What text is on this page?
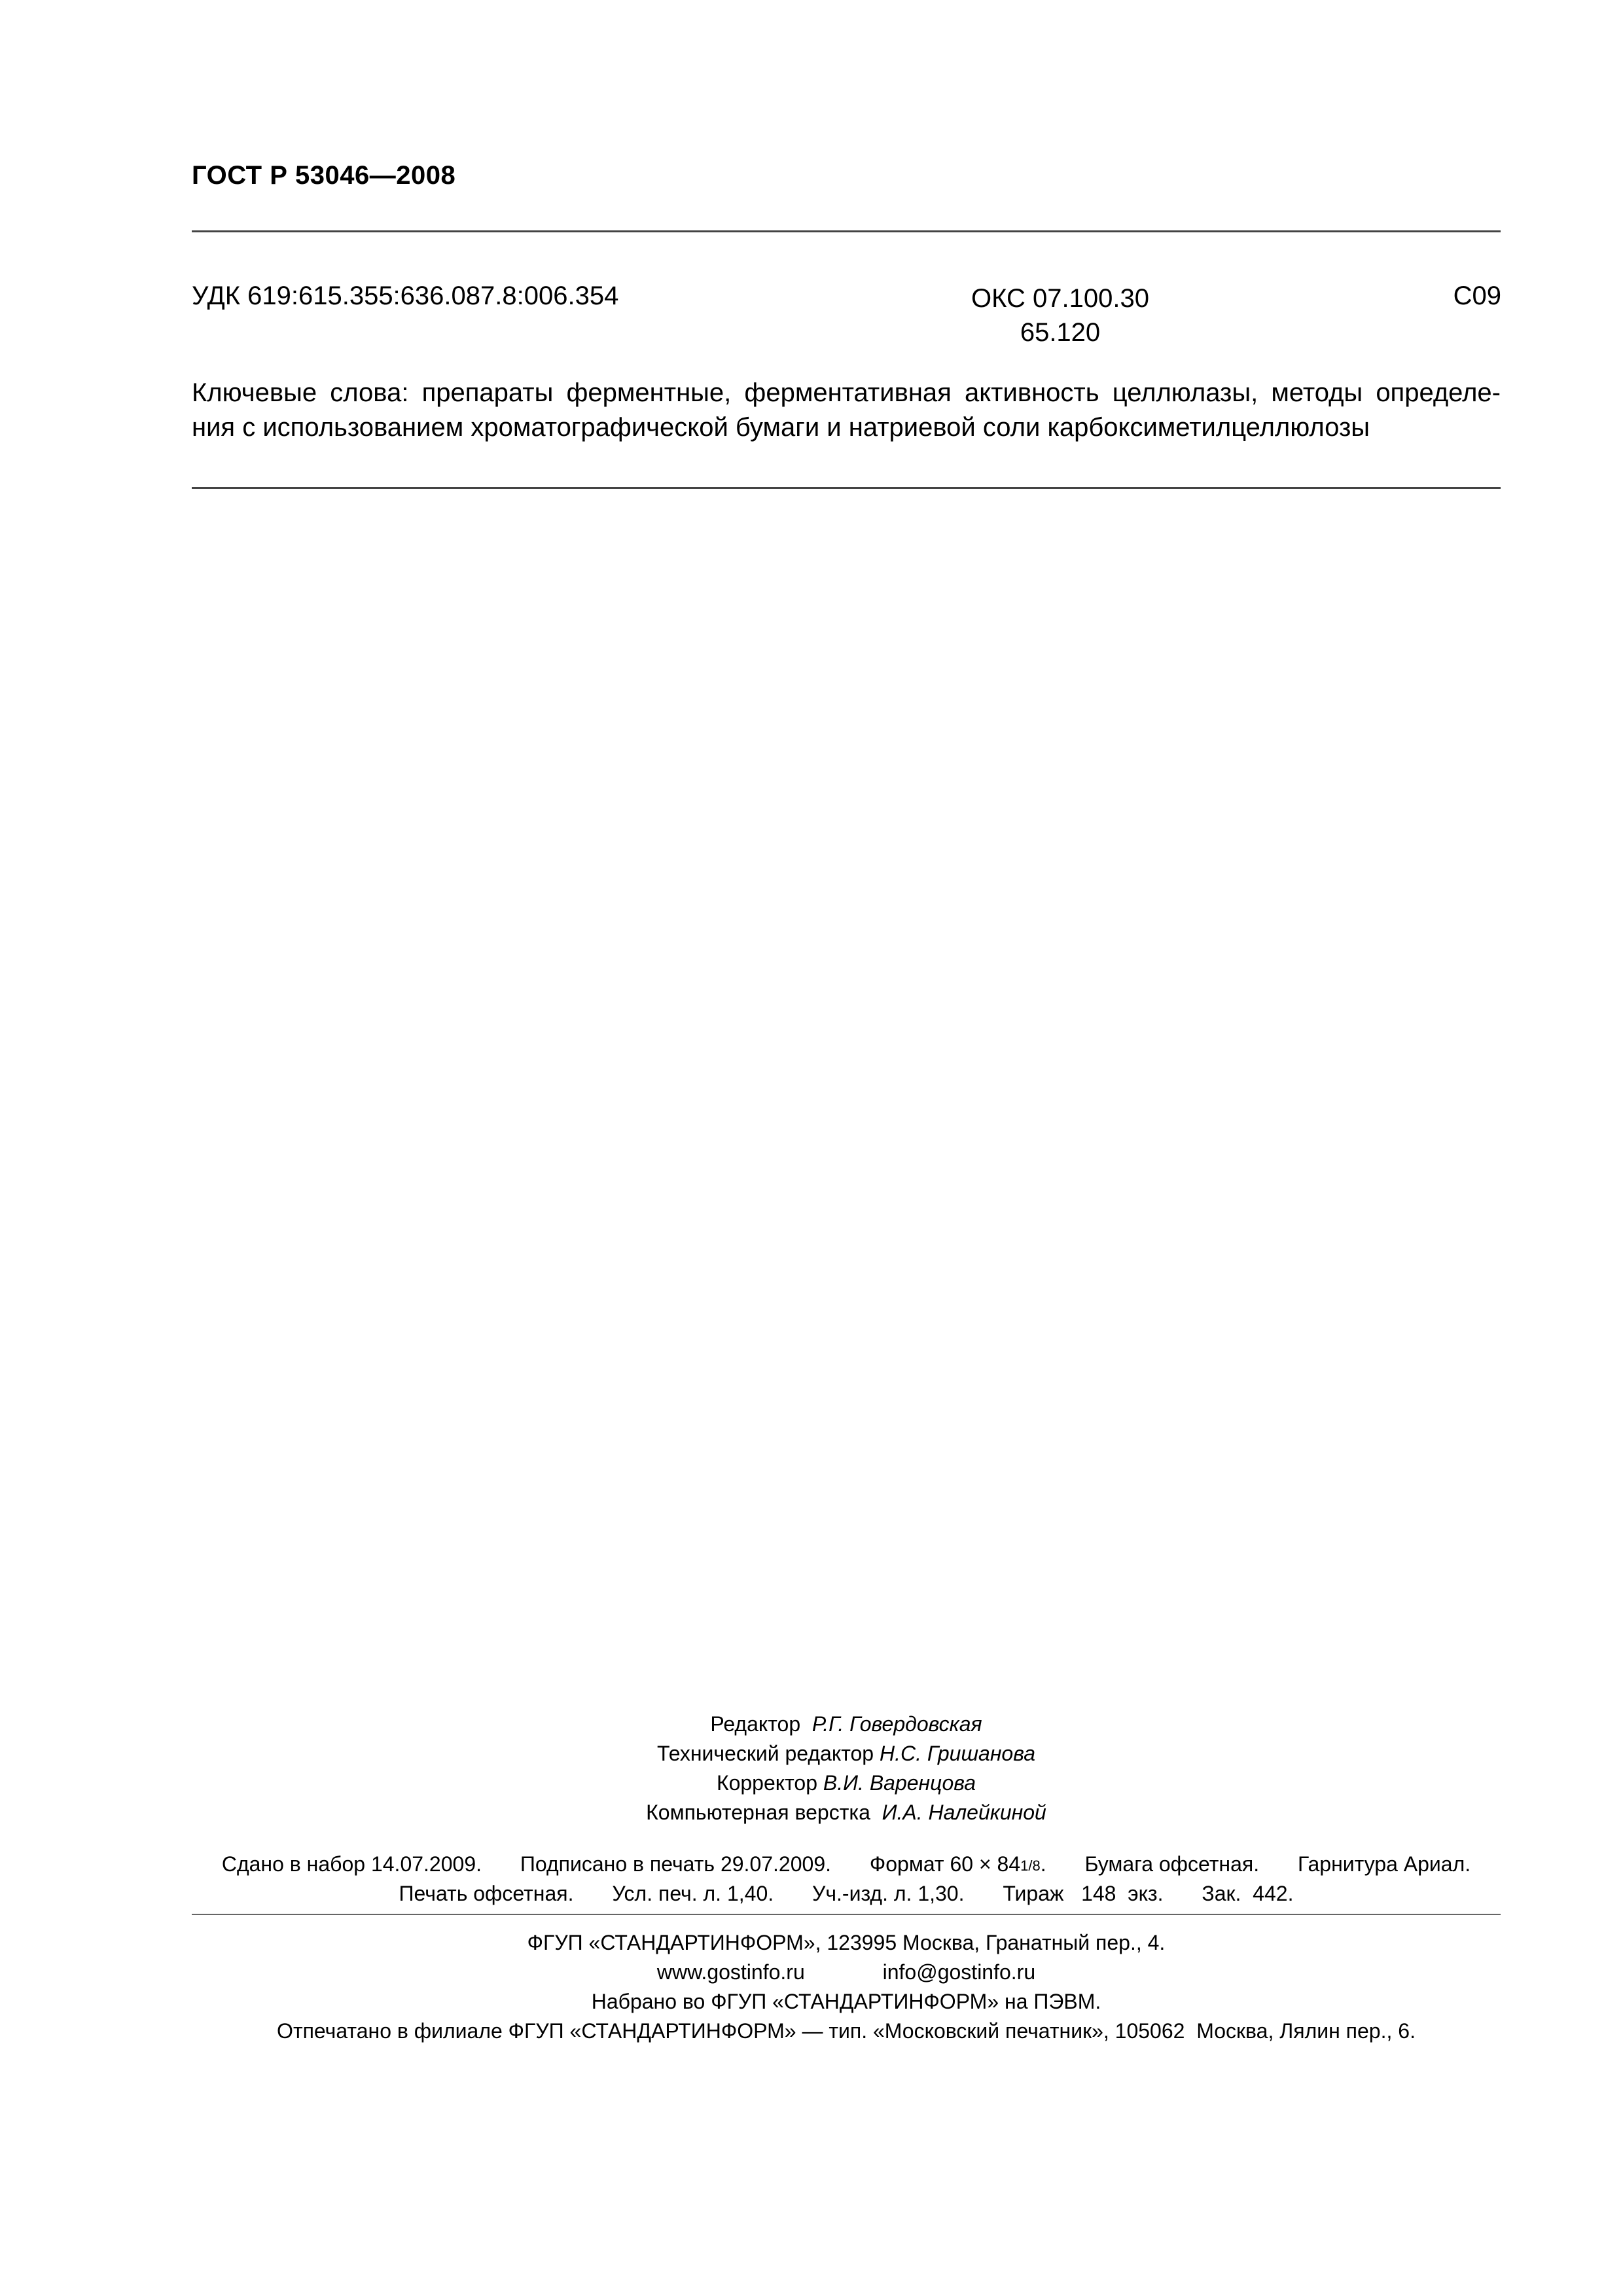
ГОСТ Р 53046—2008
УДК 619:615.355:636.087.8:006.354	ОКС 07.100.30
65.120
С09
Ключевые слова: препараты ферментные, ферментативная активность целлюлазы, методы определе-
ния с использованием хроматографической бумаги и натриевой соли карбоксиметилцеллюлозы
Редактор Р.Г. Говердовская
Технический редактор Н.С. Гришанова
Корректор В.И. Варенцова
Компьютерная верстка И.А. Налейкиной
Сдано в набор 14.07.2009. Подписано в печать 29.07.2009. Формат 60 × 841/8. Бумага офсетная. Гарнитура Ариал.
Печать офсетная. Усл. печ. л. 1,40. Уч.-изд. л. 1,30. Тираж   148  экз. Зак.  442.
ФГУП «СТАНДАРТИНФОРМ», 123995 Москва, Гранатный пер., 4.
www.gostinfo.ru	info@gostinfo.ru
Набрано во ФГУП «СТАНДАРТИНФОРМ» на ПЭВМ.
Отпечатано в филиале ФГУП «СТАНДАРТИНФОРМ» — тип. «Московский печатник», 105062  Москва, Лялин пер., 6.
